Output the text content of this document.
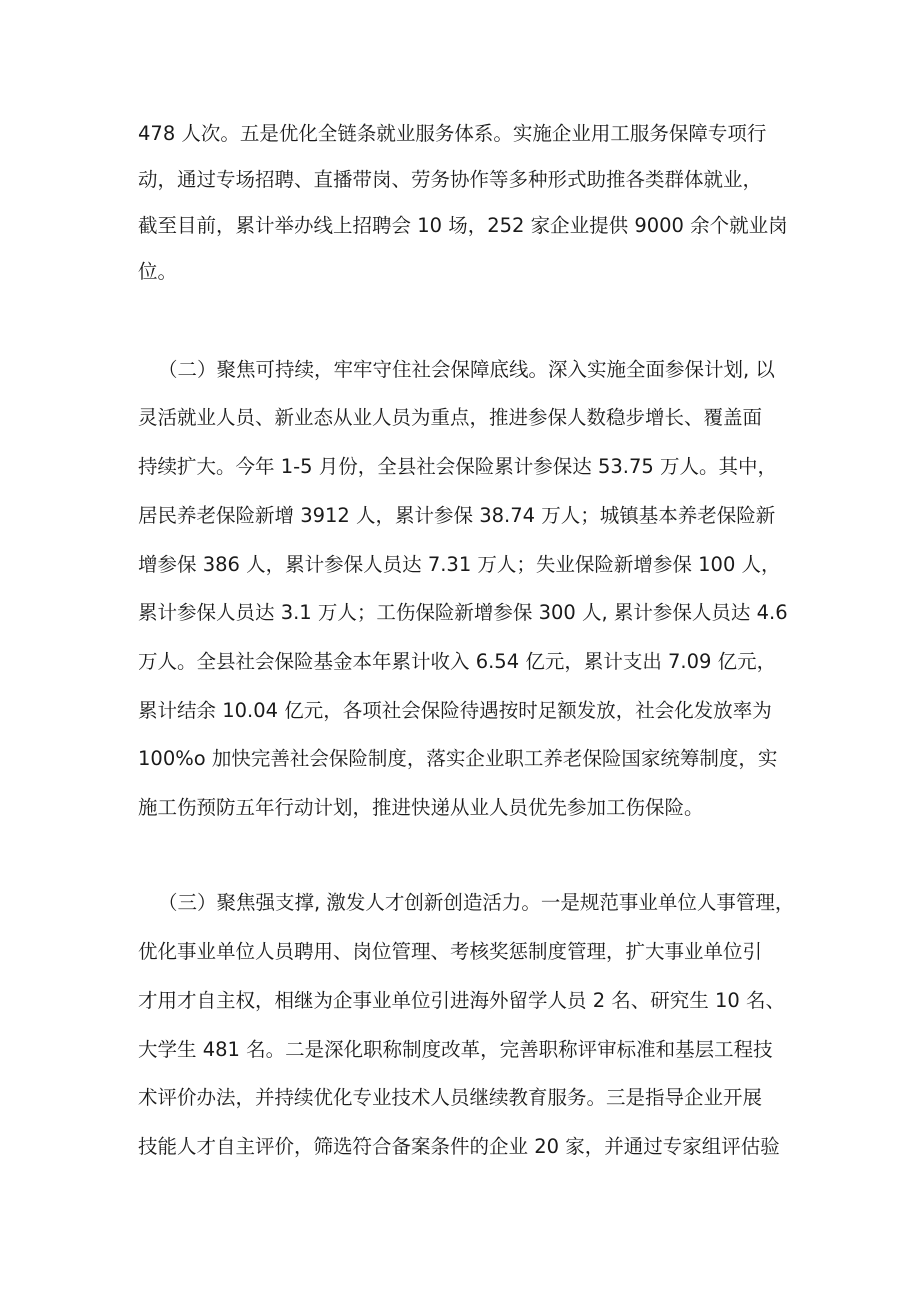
478 人次。五是优化全链条就业服务体系。实施企业用工服务保障专项行
动，通过专场招聘、直播带岗、劳务协作等多种形式助推各类群体就业，
截至目前，累计举办线上招聘会 10 场，252 家企业提供 9000 余个就业岗
位。
（二）聚焦可持续，牢牢守住社会保障底线。深入实施全面参保计划, 以
灵活就业人员、新业态从业人员为重点，推进参保人数稳步增长、覆盖面
持续扩大。今年 1-5 月份，全县社会保险累计参保达 53.75 万人。其中，
居民养老保险新增 3912 人，累计参保 38.74 万人；城镇基本养老保险新
增参保 386 人，累计参保人员达 7.31 万人；失业保险新增参保 100 人，
累计参保人员达 3.1 万人；工伤保险新增参保 300 人, 累计参保人员达 4.6
万人。全县社会保险基金本年累计收入 6.54 亿元，累计支出 7.09 亿元，
累计结余 10.04 亿元，各项社会保险待遇按时足额发放，社会化发放率为
100%o 加快完善社会保险制度，落实企业职工养老保险国家统筹制度，实
施工伤预防五年行动计划，推进快递从业人员优先参加工伤保险。
（三）聚焦强支撑, 激发人才创新创造活力。一是规范事业单位人事管理，
优化事业单位人员聘用、岗位管理、考核奖惩制度管理，扩大事业单位引
才用才自主权，相继为企事业单位引进海外留学人员 2 名、研究生 10 名、
大学生 481 名。二是深化职称制度改革，完善职称评审标准和基层工程技
术评价办法，并持续优化专业技术人员继续教育服务。三是指导企业开展
技能人才自主评价，筛选符合备案条件的企业 20 家，并通过专家组评估验
